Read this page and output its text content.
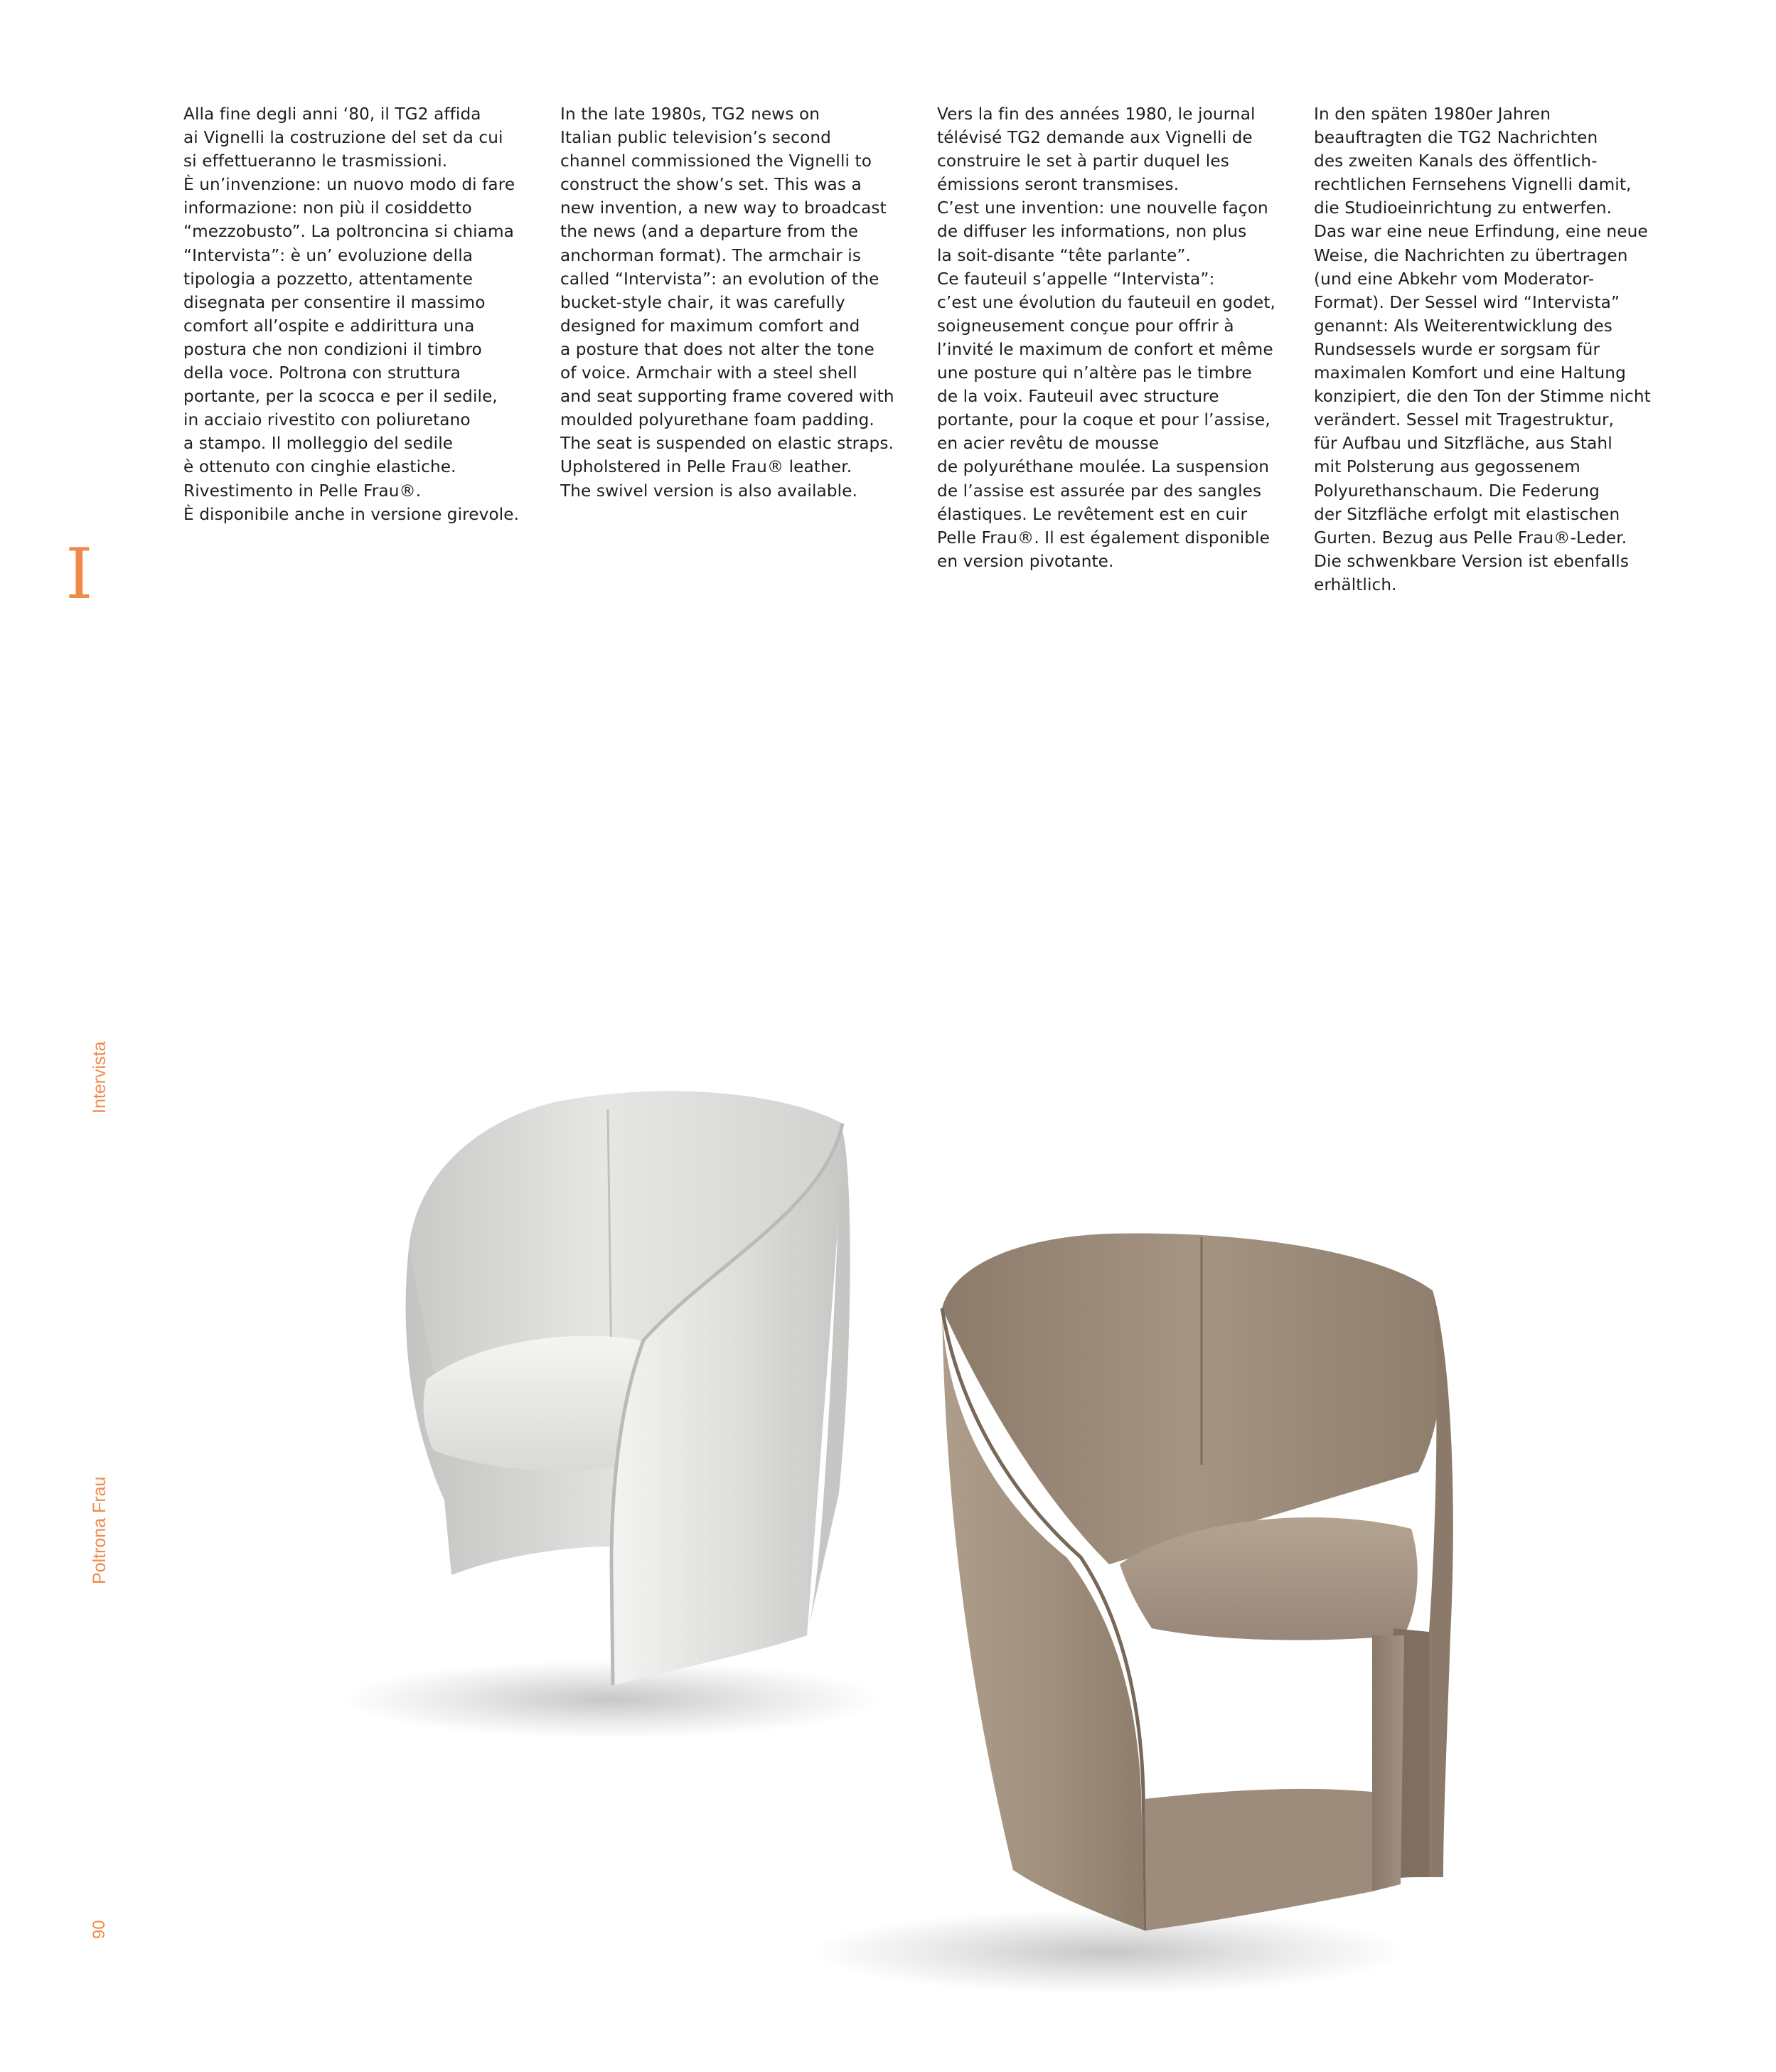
Alla fine degli anni ‘80, il TG2 affida
ai Vignelli la costruzione del set da cui
si effettueranno le trasmissioni.
È un’invenzione: un nuovo modo di fare
informazione: non più il cosiddetto
“mezzobusto”. La poltroncina si chiama
“Intervista”: è un’ evoluzione della
tipologia a pozzetto, attentamente
disegnata per consentire il massimo
comfort all’ospite e addirittura una
postura che non condizioni il timbro
della voce. Poltrona con struttura
portante, per la scocca e per il sedile,
in acciaio rivestito con poliuretano
a stampo. Il molleggio del sedile
è ottenuto con cinghie elastiche.
Rivestimento in Pelle Frau®.
È disponibile anche in versione girevole.
In the late 1980s, TG2 news on
Italian public television’s second
channel commissioned the Vignelli to
construct the show’s set. This was a
new invention, a new way to broadcast
the news (and a departure from the
anchorman format). The armchair is
called “Intervista”: an evolution of the
bucket-style chair, it was carefully
designed for maximum comfort and
a posture that does not alter the tone
of voice. Armchair with a steel shell
and seat supporting frame covered with
moulded polyurethane foam padding.
The seat is suspended on elastic straps.
Upholstered in Pelle Frau® leather.
The swivel version is also available.
Vers la fin des années 1980, le journal
télévisé TG2 demande aux Vignelli de
construire le set à partir duquel les
émissions seront transmises.
C’est une invention: une nouvelle façon
de diffuser les informations, non plus
la soit-disante “tête parlante”.
Ce fauteuil s’appelle “Intervista”:
c’est une évolution du fauteuil en godet,
soigneusement conçue pour offrir à
l’invité le maximum de confort et même
une posture qui n’altère pas le timbre
de la voix. Fauteuil avec structure
portante, pour la coque et pour l’assise,
en acier revêtu de mousse
de polyuréthane moulée. La suspension
de l’assise est assurée par des sangles
élastiques. Le revêtement est en cuir
Pelle Frau®. Il est également disponible
en version pivotante.
In den späten 1980er Jahren
beauftragten die TG2 Nachrichten
des zweiten Kanals des öffentlich-
rechtlichen Fernsehens Vignelli damit,
die Studioeinrichtung zu entwerfen.
Das war eine neue Erfindung, eine neue
Weise, die Nachrichten zu übertragen
(und eine Abkehr vom Moderator-
Format). Der Sessel wird “Intervista”
genannt: Als Weiterentwicklung des
Rundsessels wurde er sorgsam für
maximalen Komfort und eine Haltung
konzipiert, die den Ton der Stimme nicht
verändert. Sessel mit Tragestruktur,
für Aufbau und Sitzfläche, aus Stahl
mit Polsterung aus gegossenem
Polyurethanschaum. Die Federung
der Sitzfläche erfolgt mit elastischen
Gurten. Bezug aus Pelle Frau®-Leder.
Die schwenkbare Version ist ebenfalls
erhältlich.
I
Intervista
Poltrona Frau
90
